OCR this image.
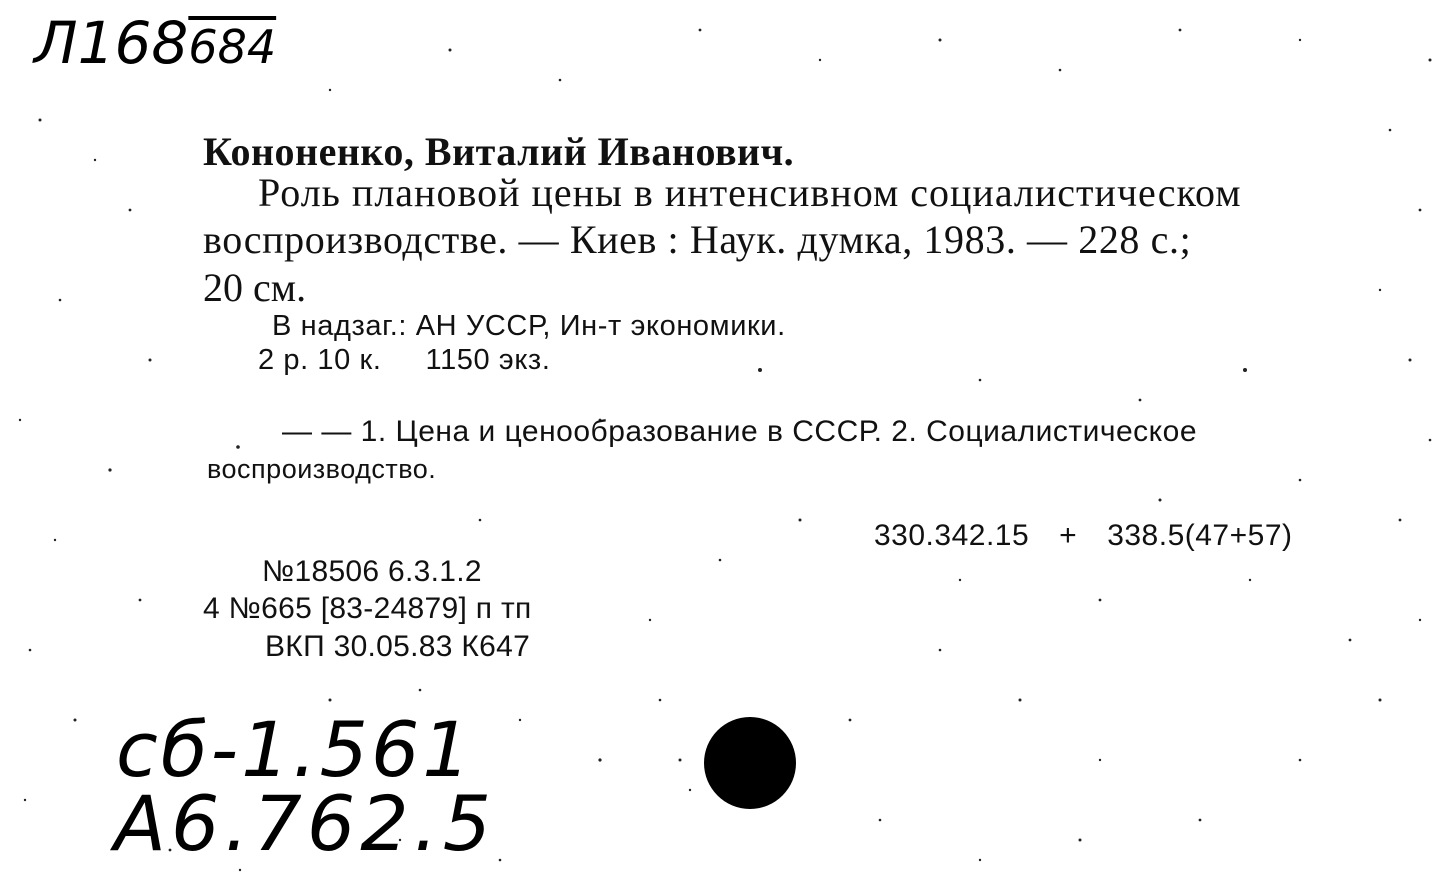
Л168684
Кононенко, Виталий Иванович.
Роль плановой цены в интенсивном социалистическом
воспроизводстве. — Киев : Наук. думка, 1983. — 228 с.;
20 см.
В надзаг.: АН УССР, Ин-т экономики.
2 р. 10 к. 1150 экз.
— — 1. Цена и ценообразование в СССР. 2. Социалистическое
воспроизводство.
330.342.15 + 338.5(47+57)
№18506 6.3.1.2
4 №665 [83-24879] п тп
ВКП 30.05.83 К647
сб-1.561
А6.762.5
